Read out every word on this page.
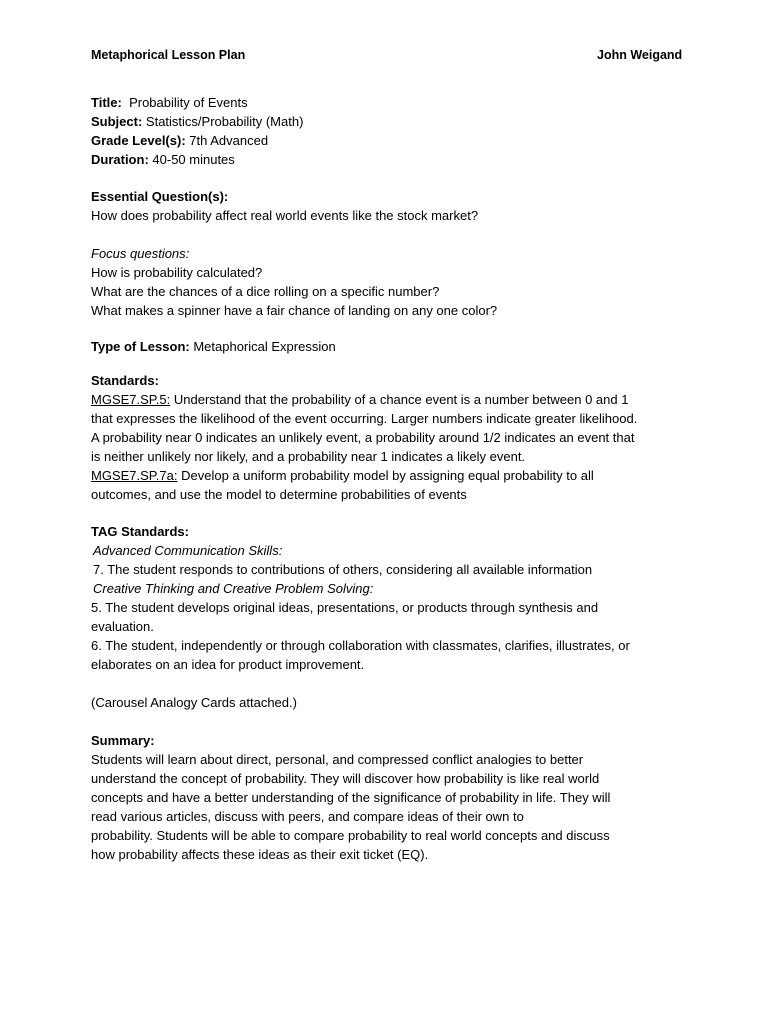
Metaphorical Lesson Plan	John Weigand
Title: Probability of Events
Subject: Statistics/Probability (Math)
Grade Level(s): 7th Advanced
Duration: 40-50 minutes
Essential Question(s):
How does probability affect real world events like the stock market?
Focus questions:
How is probability calculated?
What are the chances of a dice rolling on a specific number?
What makes a spinner have a fair chance of landing on any one color?
Type of Lesson: Metaphorical Expression
Standards:
MGSE7.SP.5: Understand that the probability of a chance event is a number between 0 and 1
that expresses the likelihood of the event occurring. Larger numbers indicate greater likelihood.
A probability near 0 indicates an unlikely event, a probability around 1/2 indicates an event that
is neither unlikely nor likely, and a probability near 1 indicates a likely event.
MGSE7.SP.7a: Develop a uniform probability model by assigning equal probability to all
outcomes, and use the model to determine probabilities of events
TAG Standards:
Advanced Communication Skills:
7. The student responds to contributions of others, considering all available information
Creative Thinking and Creative Problem Solving:
5. The student develops original ideas, presentations, or products through synthesis and
evaluation.
6. The student, independently or through collaboration with classmates, clarifies, illustrates, or
elaborates on an idea for product improvement.
(Carousel Analogy Cards attached.)
Summary:
Students will learn about direct, personal, and compressed conflict analogies to better
understand the concept of probability. They will discover how probability is like real world
concepts and have a better understanding of the significance of probability in life. They will
read various articles, discuss with peers, and compare ideas of their own to
probability. Students will be able to compare probability to real world concepts and discuss
how probability affects these ideas as their exit ticket (EQ).
